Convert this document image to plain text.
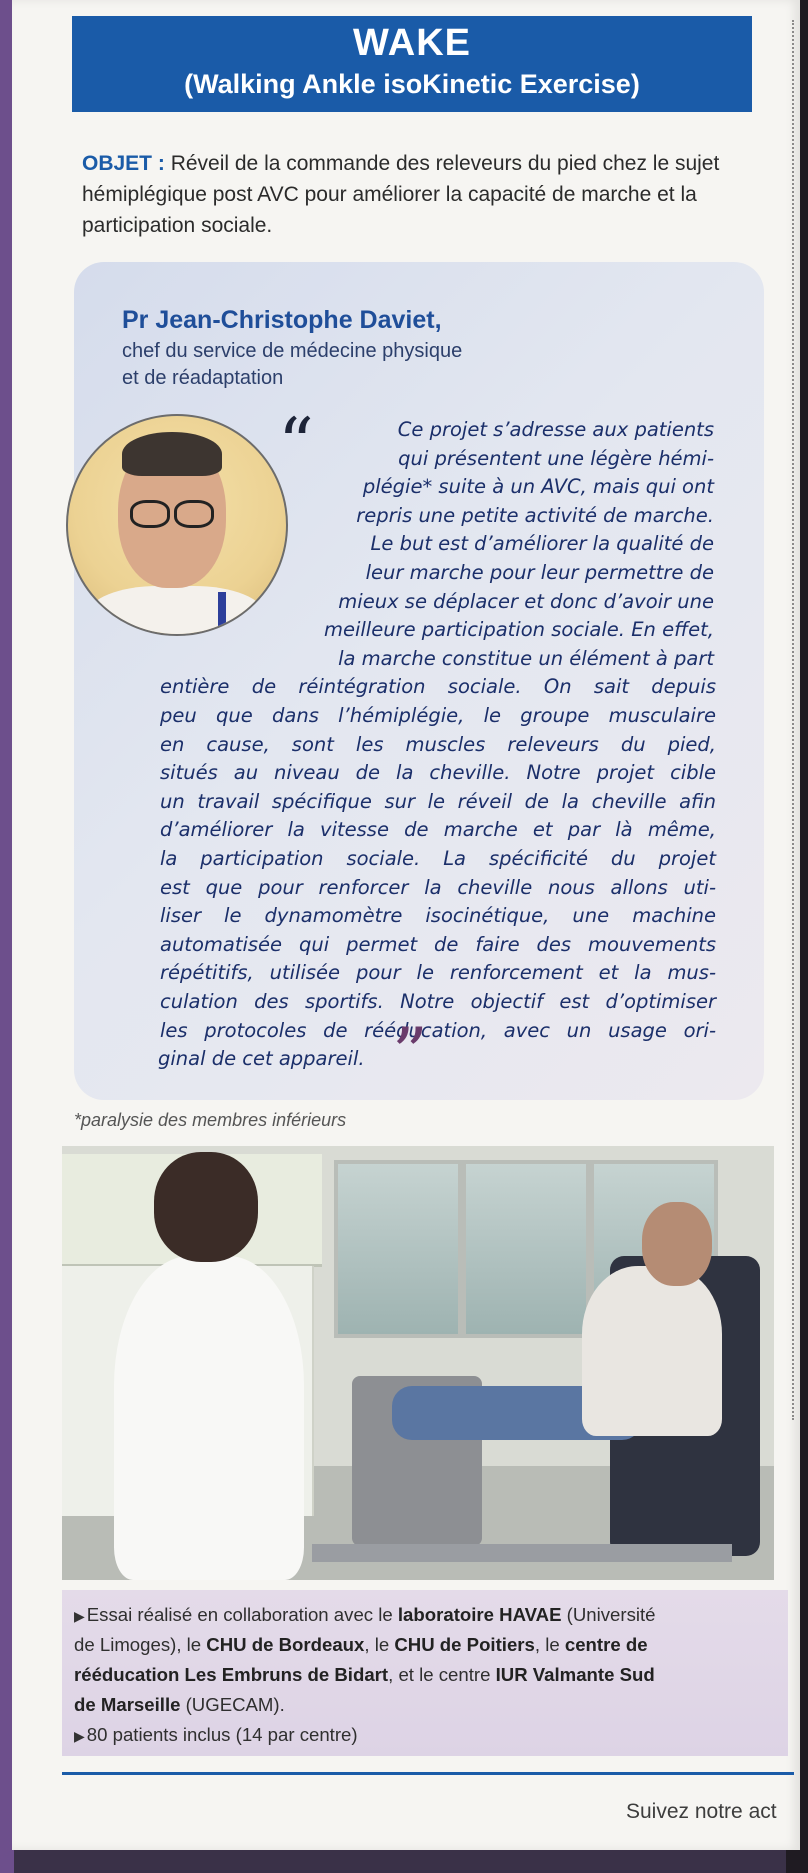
WAKE
(Walking Ankle isoKinetic Exercise)
OBJET : Réveil de la commande des releveurs du pied chez le sujet hémiplégique post AVC pour améliorer la capacité de marche et la participation sociale.
Pr Jean-Christophe Daviet,
chef du service de médecine physique
et de réadaptation
“	Ce projet s’adresse aux patients
qui présentent une légère hémi-
plégie* suite à un AVC, mais qui ont
repris une petite activité de marche.
Le but est d’améliorer la qualité de
leur marche pour leur permettre de
mieux se déplacer et donc d’avoir une
meilleure participation sociale. En effet,
la marche constitue un élément à part
entière de réintégration sociale. On sait depuis
peu que dans l’hémiplégie, le groupe musculaire
en cause, sont les muscles releveurs du pied,
situés au niveau de la cheville. Notre projet cible
un travail spécifique sur le réveil de la cheville afin
d’améliorer la vitesse de marche et par là même,
la participation sociale. La spécificité du projet
est que pour renforcer la cheville nous allons uti-
liser le dynamomètre isocinétique, une machine
automatisée qui permet de faire des mouvements
répétitifs, utilisée pour le renforcement et la mus-
culation des sportifs. Notre objectif est d’optimiser
les protocoles de rééducation, avec un usage ori-
ginal de cet appareil. ”
*paralysie des membres inférieurs
▶ Essai réalisé en collaboration avec le laboratoire HAVAE (Université
de Limoges), le CHU de Bordeaux, le CHU de Poitiers, le centre de
rééducation Les Embruns de Bidart, et le centre IUR Valmante Sud
de Marseille (UGECAM).
▶ 80 patients inclus (14 par centre)
Suivez notre act
